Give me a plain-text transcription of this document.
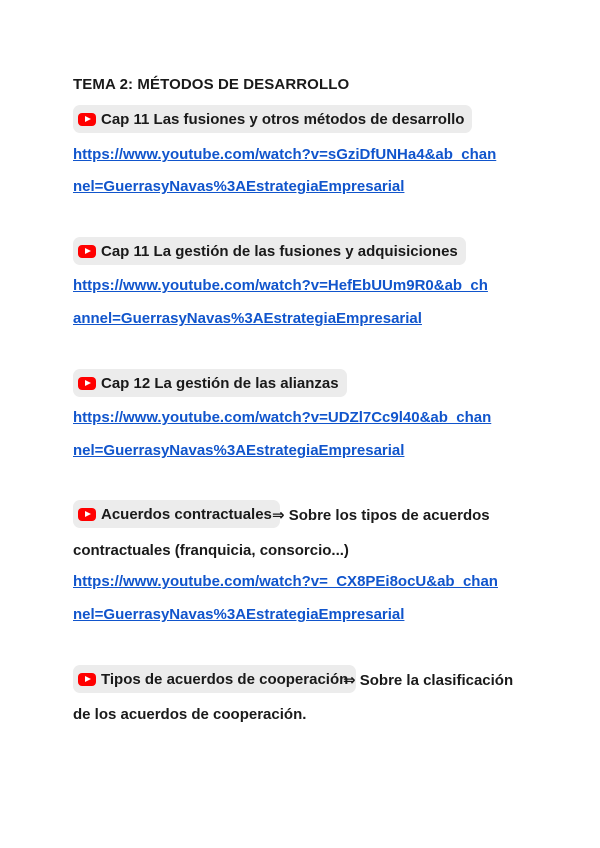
TEMA 2: MÉTODOS DE DESARROLLO
Cap 11 Las fusiones y otros métodos de desarrollo
https://www.youtube.com/watch?v=sGziDfUNHa4&ab_chan
nel=GuerrasyNavas%3AEstrategiaEmpresarial
Cap 11 La gestión de las fusiones y adquisiciones
https://www.youtube.com/watch?v=HefEbUUm9R0&ab_ch
annel=GuerrasyNavas%3AEstrategiaEmpresarial
Cap 12 La gestión de las alianzas
https://www.youtube.com/watch?v=UDZl7Cc9l40&ab_chan
nel=GuerrasyNavas%3AEstrategiaEmpresarial
Acuerdos contractuales ⇒ Sobre los tipos de acuerdos
contractuales (franquicia, consorcio...)
https://www.youtube.com/watch?v=_CX8PEi8ocU&ab_chan
nel=GuerrasyNavas%3AEstrategiaEmpresarial
Tipos de acuerdos de cooperación
⇒ Sobre la clasificación
de los acuerdos de cooperación.
